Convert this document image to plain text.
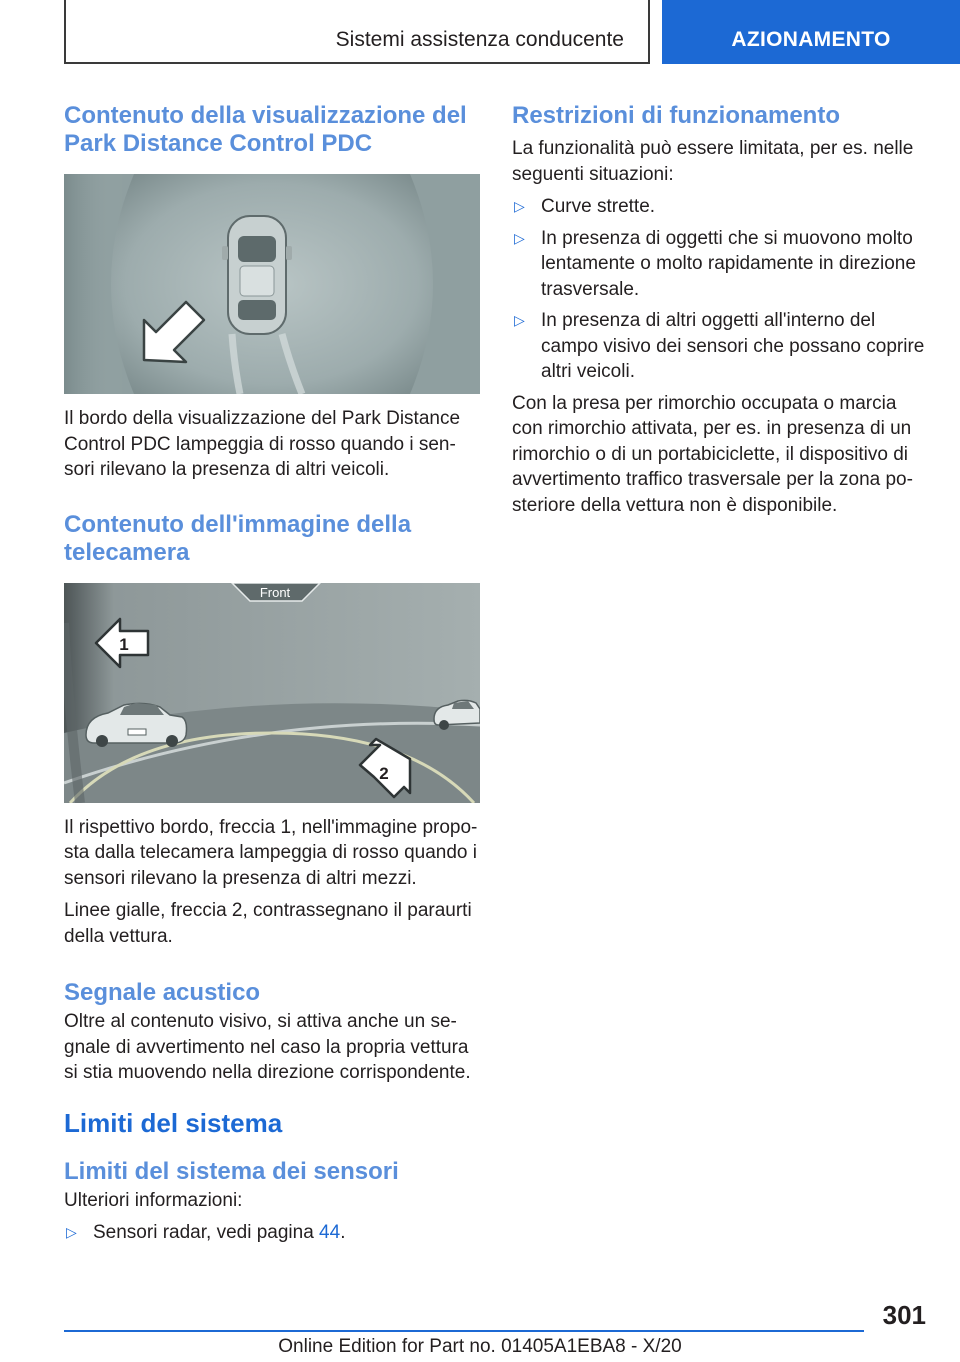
Sistemi assistenza conducente	AZIONAMENTO
Contenuto della visualizzazione del Park Distance Control PDC
Il bordo della visualizzazione del Park Distance Control PDC lampeggia di rosso quando i sen-sori rilevano la presenza di altri veicoli.
Contenuto dell'immagine della telecamera
Front
1
2
Il rispettivo bordo, freccia 1, nell'immagine propo-sta dalla telecamera lampeggia di rosso quando i sensori rilevano la presenza di altri mezzi.
Linee gialle, freccia 2, contrassegnano il paraurti della vettura.
Segnale acustico
Oltre al contenuto visivo, si attiva anche un se-gnale di avvertimento nel caso la propria vettura si stia muovendo nella direzione corrispondente.
Limiti del sistema
Limiti del sistema dei sensori
Ulteriori informazioni:
▷ Sensori radar, vedi pagina 44.
Restrizioni di funzionamento
La funzionalità può essere limitata, per es. nelle seguenti situazioni:
▷ Curve strette.
▷ In presenza di oggetti che si muovono molto lentamente o molto rapidamente in direzione trasversale.
▷ In presenza di altri oggetti all'interno del campo visivo dei sensori che possano coprire altri veicoli.
Con la presa per rimorchio occupata o marcia con rimorchio attivata, per es. in presenza di un rimorchio o di un portabiciclette, il dispositivo di avvertimento traffico trasversale per la zona po-steriore della vettura non è disponibile.
301
Online Edition for Part no. 01405A1EBA8 - X/20
